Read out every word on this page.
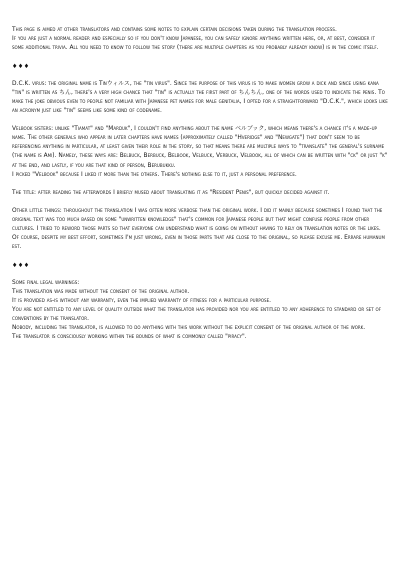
This page is aimed at other translators and contains some notes to explain certain decisions taken during the translation process.

If you are just a normal reader and especially so if you don't know Japanese, you can safely ignore anything written here, or, at best, consider it some additional trivia. All you need to know to follow the story (there are multiple chapters as you probably already know) is in the comic itself.

♦♦♦

D.C.K. virus: the original name is Tinウィルス, the "tin virus". Since the purpose of this virus is to make women grow a dick and since using kana "tin" is written as ちん, there's a very high chance that "tin" is actually the first part of ちんちん, one of the words used to indicate the penis. To make the joke obvious even to people not familiar with Japanese pet names for male genitalia, I opted for a straightforward "D.C.K.", which looks like an acronym just like "tin" seems like some kind of codename.

Velbook sisters: unlike "Tiamat" and "Marduk", I couldn't find anything about the name ベルブック, which means there's a chance it's a made-up name. The other generals who appear in later chapters have names (approximately called "Hveridge" and "Newgate") that don't seem to be referencing anything in particular, at least given their role in the story, so that means there are multiple ways to "translate" the general's surname (the name is Ami). Namely, these ways are: Belbuck, Berbuck, Belbook, Velbuck, Verbuck, Velbook, all of which can be written with "ck" or just "k" at the end, and lastly, if you are that kind of person, Berubukku.

I picked "Velbook" because I liked it more than the others. There's nothing else to it, just a personal preference.

The title: after reading the afterwords I briefly mused about translating it as "Resident Penis", but quickly decided against it.

Other little things: throughout the translation I was often more verbose than the original work. I did it mainly because sometimes I found that the original text was too much based on some "unwritten knowledge" that's common for Japanese people but that might confuse people from other cultures. I tried to reword those parts so that everyone can understand what is going on without having to rely on translation notes or the likes.

Of course, despite my best effort, sometimes I'm just wrong, even in those parts that are close to the original, so please excuse me. Errare humanum est.

♦♦♦

Some final legal warnings:

This translation was made without the consent of the original author.

It is provided as-is without any warranty, even the implied warranty of fitness for a particular purpose.

You are not entitled to any level of quality outside what the translator has provided nor you are entitled to any adherence to standard or set of conventions by the translator.

Nobody, including the translator, is allowed to do anything with this work without the explicit consent of the original author of the work.

The translator is consciously working within the bounds of what is commonly called "piracy".
